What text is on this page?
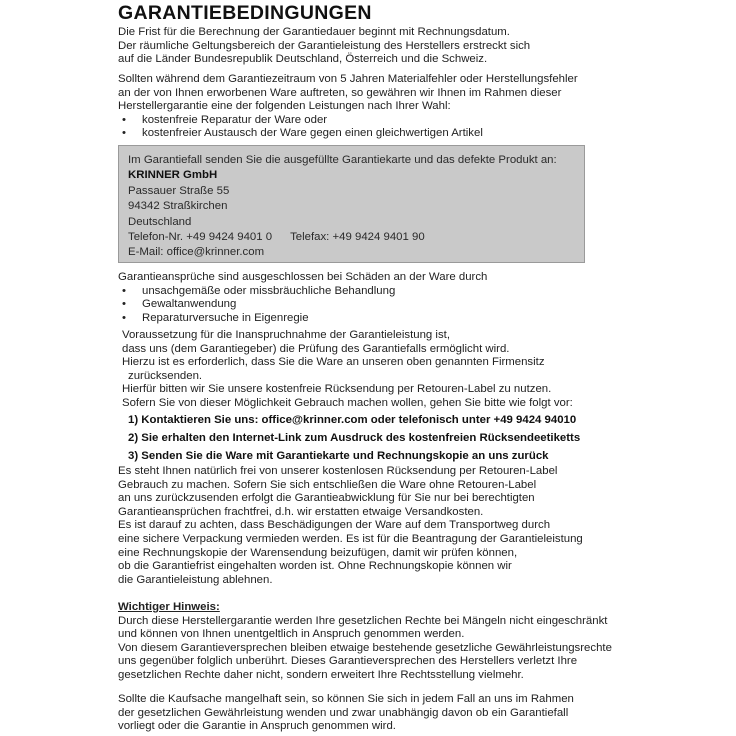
GARANTIEBEDINGUNGEN
Die Frist für die Berechnung der Garantiedauer beginnt mit Rechnungsdatum.
Der räumliche Geltungsbereich der Garantieleistung des Herstellers erstreckt sich
auf die Länder Bundesrepublik Deutschland, Österreich und die Schweiz.
Sollten während dem Garantiezeitraum von 5 Jahren Materialfehler oder Herstellungsfehler
an der von Ihnen erworbenen Ware auftreten, so gewähren wir Ihnen im Rahmen dieser
Herstellergarantie eine der folgenden Leistungen nach Ihrer Wahl:
• kostenfreie Reparatur der Ware oder
• kostenfreier Austausch der Ware gegen einen gleichwertigen Artikel
Im Garantiefall senden Sie die ausgefüllte Garantiekarte und das defekte Produkt an:
KRINNER GmbH
Passauer Straße 55
94342 Straßkirchen
Deutschland
Telefon-Nr. +49 9424 9401 0 Telefax: +49 9424 9401 90
E-Mail: office@krinner.com
Garantieansprüche sind ausgeschlossen bei Schäden an der Ware durch
• unsachgemäße oder missbräuchliche Behandlung
• Gewaltanwendung
• Reparaturversuche in Eigenregie
Voraussetzung für die Inanspruchnahme der Garantieleistung ist,
dass uns (dem Garantiegeber) die Prüfung des Garantiefalls ermöglicht wird.
Hierzu ist es erforderlich, dass Sie die Ware an unseren oben genannten Firmensitz
zurücksenden.
Hierfür bitten wir Sie unsere kostenfreie Rücksendung per Retouren-Label zu nutzen.
Sofern Sie von dieser Möglichkeit Gebrauch machen wollen, gehen Sie bitte wie folgt vor:
1) Kontaktieren Sie uns: office@krinner.com oder telefonisch unter +49 9424 94010
2) Sie erhalten den Internet-Link zum Ausdruck des kostenfreien Rücksendeetiketts
3) Senden Sie die Ware mit Garantiekarte und Rechnungskopie an uns zurück
Es steht Ihnen natürlich frei von unserer kostenlosen Rücksendung per Retouren-Label
Gebrauch zu machen. Sofern Sie sich entschließen die Ware ohne Retouren-Label
an uns zurückzusenden erfolgt die Garantieabwicklung für Sie nur bei berechtigten
Garantieansprüchen frachtfrei, d.h. wir erstatten etwaige Versandkosten.
Es ist darauf zu achten, dass Beschädigungen der Ware auf dem Transportweg durch
eine sichere Verpackung vermieden werden. Es ist für die Beantragung der Garantieleistung
eine Rechnungskopie der Warensendung beizufügen, damit wir prüfen können,
ob die Garantiefrist eingehalten worden ist. Ohne Rechnungskopie können wir
die Garantieleistung ablehnen.
Wichtiger Hinweis:
Durch diese Herstellergarantie werden Ihre gesetzlichen Rechte bei Mängeln nicht eingeschränkt
und können von Ihnen unentgeltlich in Anspruch genommen werden.
Von diesem Garantieversprechen bleiben etwaige bestehende gesetzliche Gewährleistungsrechte
uns gegenüber folglich unberührt. Dieses Garantieversprechen des Herstellers verletzt Ihre
gesetzlichen Rechte daher nicht, sondern erweitert Ihre Rechtsstellung vielmehr.
Sollte die Kaufsache mangelhaft sein, so können Sie sich in jedem Fall an uns im Rahmen
der gesetzlichen Gewährleistung wenden und zwar unabhängig davon ob ein Garantiefall
vorliegt oder die Garantie in Anspruch genommen wird.
